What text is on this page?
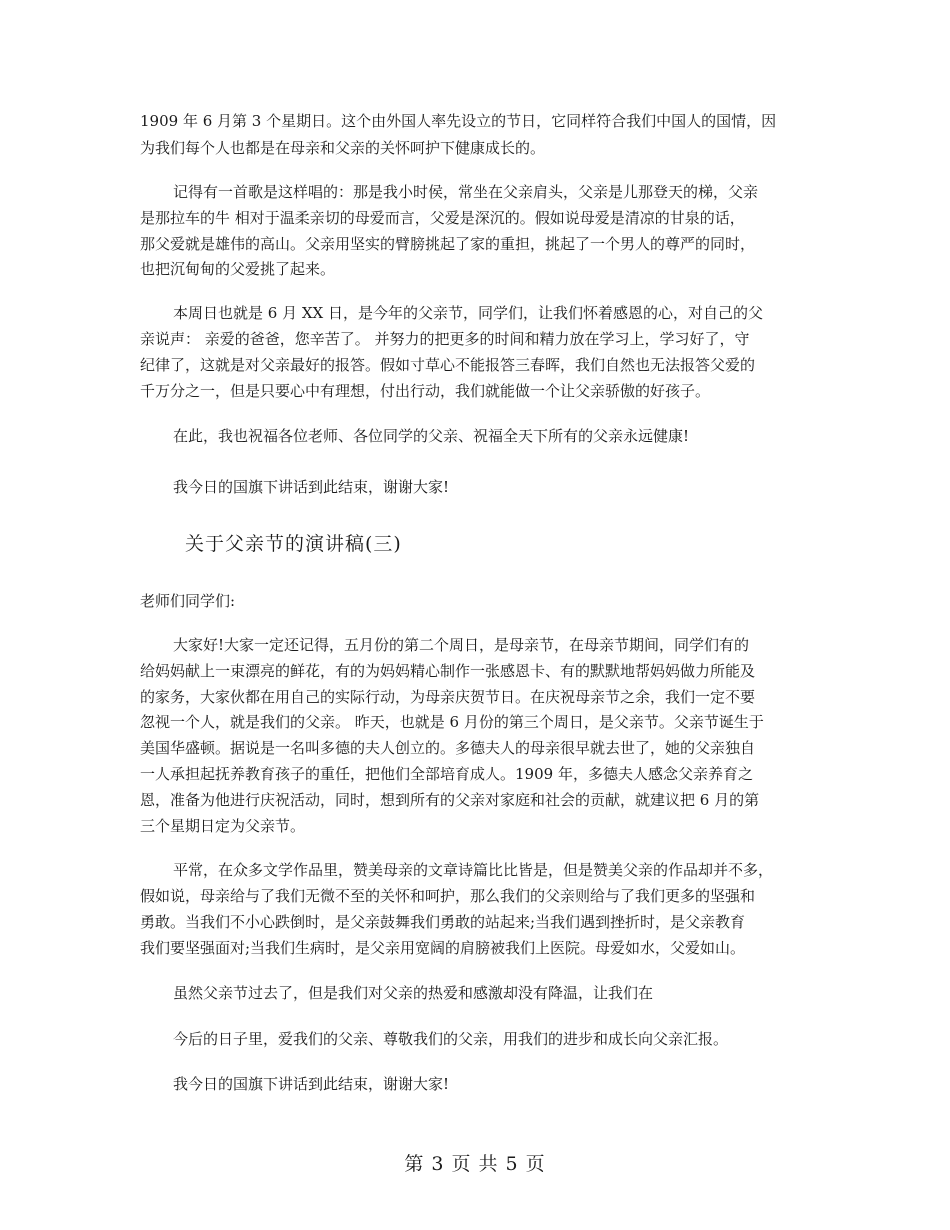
1909 年 6 月第 3 个星期日。这个由外国人率先设立的节日，它同样符合我们中国人的国情，因
为我们每个人也都是在母亲和父亲的关怀呵护下健康成长的。
记得有一首歌是这样唱的：那是我小时侯，常坐在父亲肩头，父亲是儿那登天的梯，父亲
是那拉车的牛 相对于温柔亲切的母爱而言，父爱是深沉的。假如说母爱是清凉的甘泉的话，
那父爱就是雄伟的高山。父亲用坚实的臂膀挑起了家的重担，挑起了一个男人的尊严的同时，
也把沉甸甸的父爱挑了起来。
本周日也就是 6 月 XX 日，是今年的父亲节，同学们，让我们怀着感恩的心，对自己的父
亲说声： 亲爱的爸爸，您辛苦了。 并努力的把更多的时间和精力放在学习上，学习好了，守
纪律了，这就是对父亲最好的报答。假如寸草心不能报答三春晖，我们自然也无法报答父爱的
千万分之一，但是只要心中有理想，付出行动，我们就能做一个让父亲骄傲的好孩子。
在此，我也祝福各位老师、各位同学的父亲、祝福全天下所有的父亲永远健康!
我今日的国旗下讲话到此结束，谢谢大家!
关于父亲节的演讲稿(三)
老师们同学们:
大家好!大家一定还记得，五月份的第二个周日，是母亲节，在母亲节期间，同学们有的
给妈妈献上一束漂亮的鲜花，有的为妈妈精心制作一张感恩卡、有的默默地帮妈妈做力所能及
的家务，大家伙都在用自己的实际行动，为母亲庆贺节日。在庆祝母亲节之余，我们一定不要
忽视一个人，就是我们的父亲。 昨天，也就是 6 月份的第三个周日，是父亲节。父亲节诞生于
美国华盛顿。据说是一名叫多德的夫人创立的。多德夫人的母亲很早就去世了，她的父亲独自
一人承担起抚养教育孩子的重任，把他们全部培育成人。1909 年，多德夫人感念父亲养育之
恩，准备为他进行庆祝活动，同时，想到所有的父亲对家庭和社会的贡献，就建议把 6 月的第
三个星期日定为父亲节。
平常，在众多文学作品里，赞美母亲的文章诗篇比比皆是，但是赞美父亲的作品却并不多，
假如说，母亲给与了我们无微不至的关怀和呵护，那么我们的父亲则给与了我们更多的坚强和
勇敢。当我们不小心跌倒时，是父亲鼓舞我们勇敢的站起来;当我们遇到挫折时，是父亲教育
我们要坚强面对;当我们生病时，是父亲用宽阔的肩膀被我们上医院。母爱如水，父爱如山。
虽然父亲节过去了，但是我们对父亲的热爱和感激却没有降温，让我们在
今后的日子里，爱我们的父亲、尊敬我们的父亲，用我们的进步和成长向父亲汇报。
我今日的国旗下讲话到此结束，谢谢大家!
第 3 页 共 5 页
